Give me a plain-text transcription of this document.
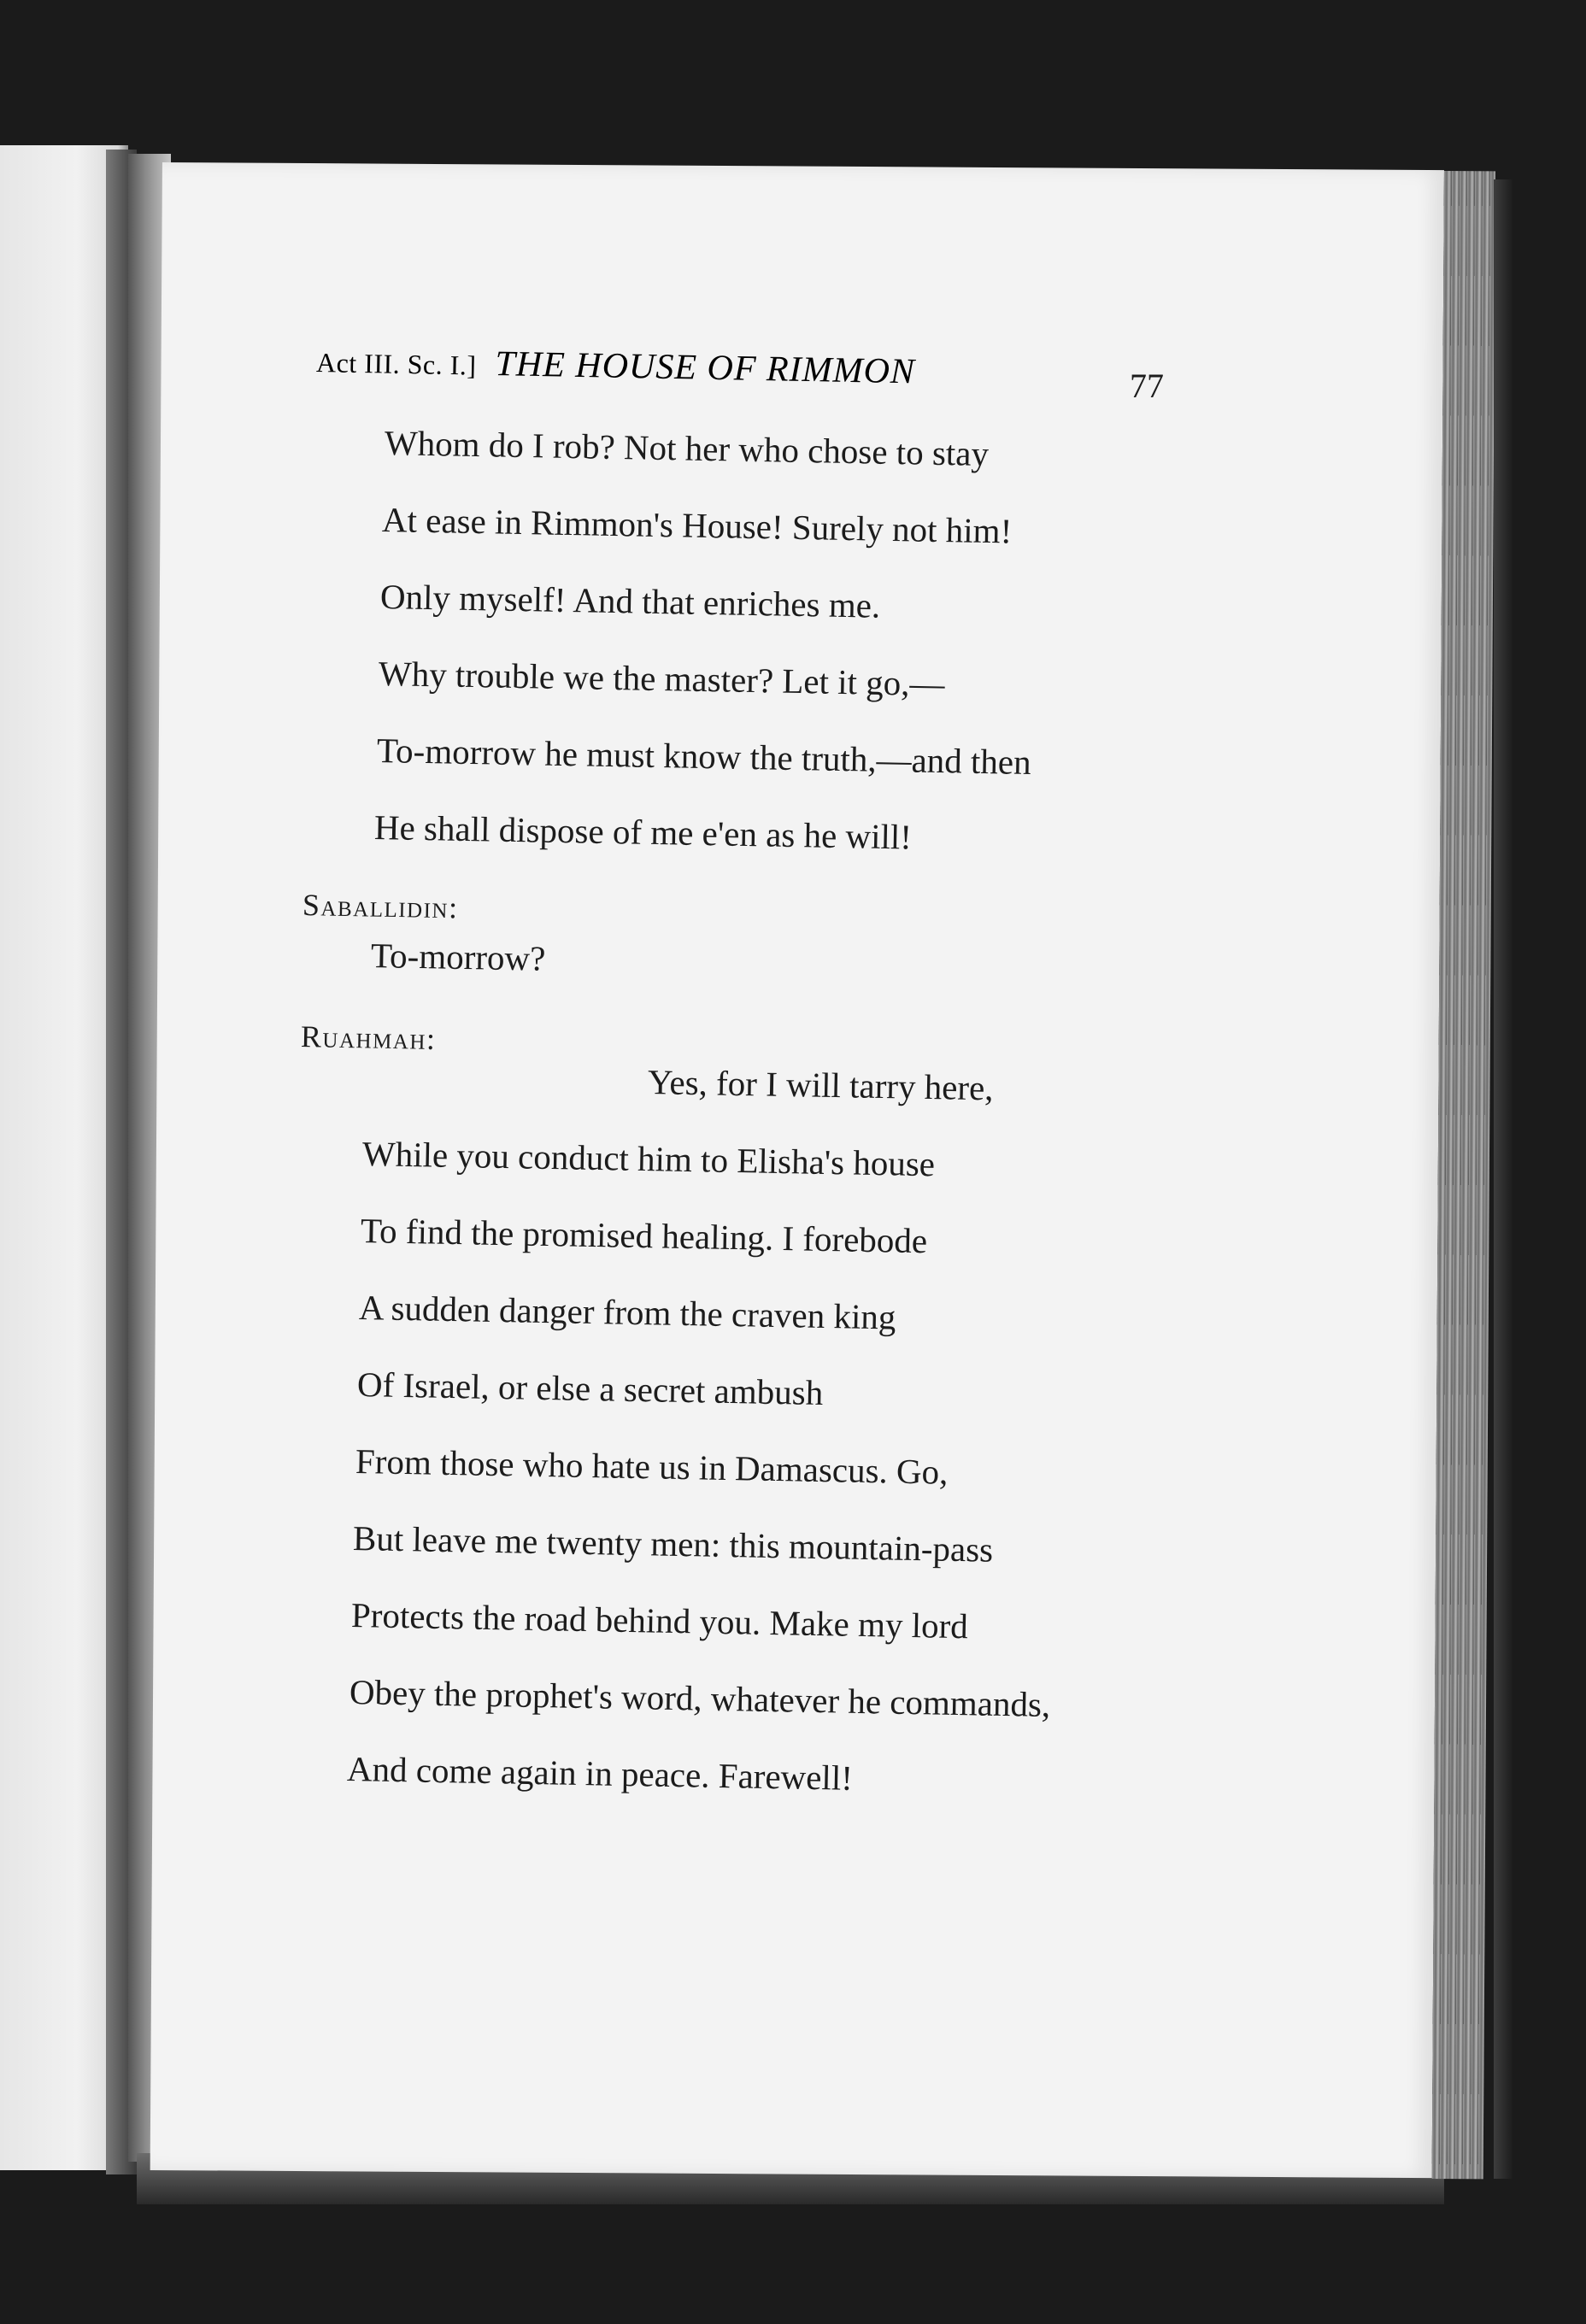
Act III. Sc. I.] THE HOUSE OF RIMMON	77
Whom do I rob? Not her who chose to stay
At ease in Rimmon's House! Surely not him!
Only myself! And that enriches me.
Why trouble we the master? Let it go,—
To-morrow he must know the truth,—and then
He shall dispose of me e'en as he will!
Saballidin:
To-morrow?
Ruahmah:
Yes, for I will tarry here,
While you conduct him to Elisha's house
To find the promised healing. I forebode
A sudden danger from the craven king
Of Israel, or else a secret ambush
From those who hate us in Damascus. Go,
But leave me twenty men: this mountain-pass
Protects the road behind you. Make my lord
Obey the prophet's word, whatever he commands,
And come again in peace. Farewell!
